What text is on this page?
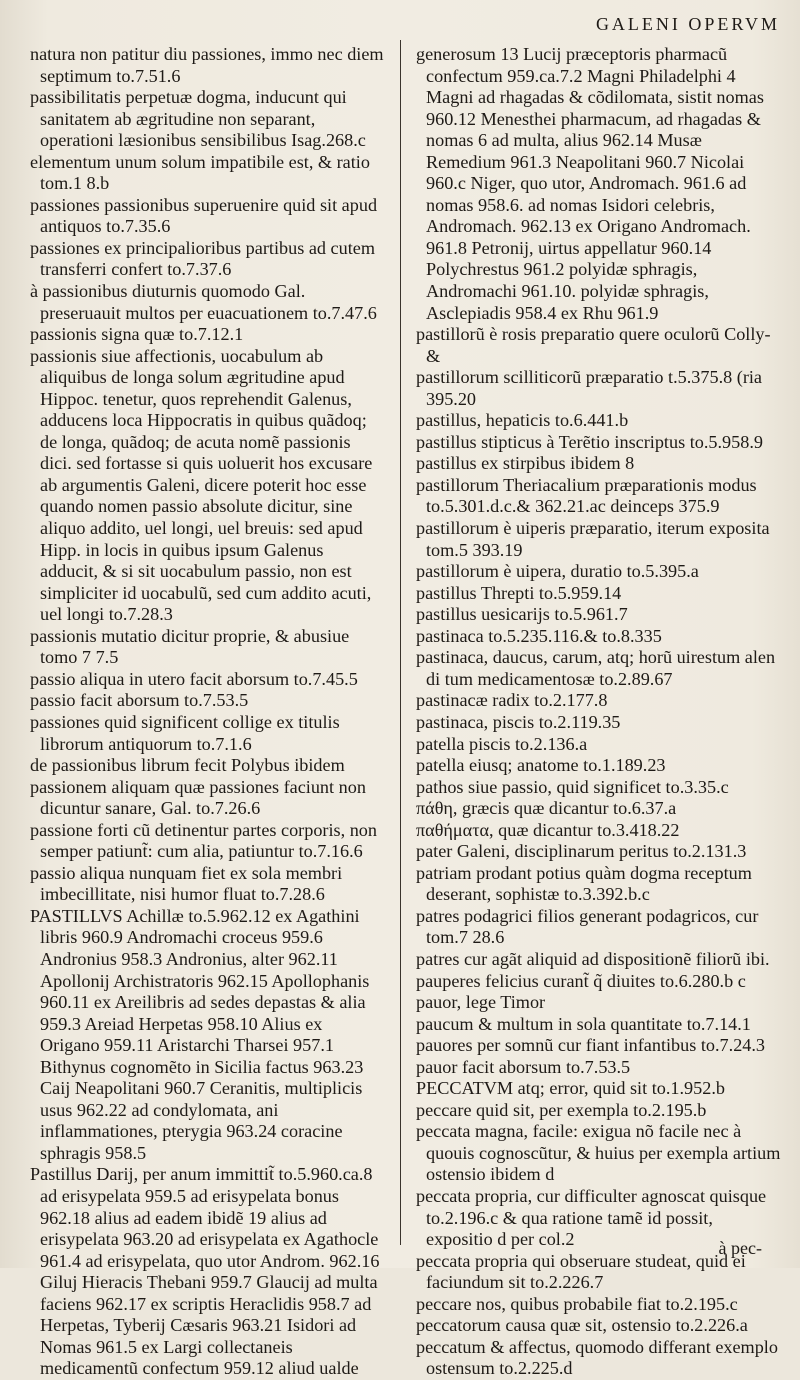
GALENI OPERVM

natura non patitur diu passiones, immo nec diem septimum to.7.51.6

passibilitatis perpetuæ dogma, inducunt qui sanitatem ab ægritudine non separant, operationi læsionibus sensibilibus Isag.268.c

elementum unum solum impatibile est, & ratio tom.1 8.b

passiones passionibus superuenire quid sit apud antiquos to.7.35.6

passiones ex principalioribus partibus ad cutem transferri confert to.7.37.6

à passionibus diuturnis quomodo Gal. preseruauit multos per euacuationem to.7.47.6

passionis signa quæ to.7.12.1

passionis siue affectionis, uocabulum ab aliquibus de longa solum ægritudine apud Hippoc. tenetur, quos reprehendit Galenus, adducens loca Hippocratis in quibus quãdoq; de longa, quãdoq; de acuta nomẽ passionis dici. sed fortasse si quis uoluerit hos excusare ab argumentis Galeni, dicere poterit hoc esse quando nomen passio absolute dicitur, sine aliquo addito, uel longi, uel breuis: sed apud Hipp. in locis in quibus ipsum Galenus adducit, & si sit uocabulum passio, non est simpliciter id uocabulũ, sed cum addito acuti, uel longi to.7.28.3

passionis mutatio dicitur proprie, & abusiue tomo 7 7.5

passio aliqua in utero facit aborsum to.7.45.5

passio facit aborsum to.7.53.5

passiones quid significent collige ex titulis librorum antiquorum to.7.1.6

de passionibus librum fecit Polybus ibidem

passionem aliquam quæ passiones faciunt non dicuntur sanare, Gal. to.7.26.6

passione forti cũ detinentur partes corporis, non semper patiunt̃: cum alia, patiuntur to.7.16.6

passio aliqua nunquam fiet ex sola membri imbecillitate, nisi humor fluat to.7.28.6

PASTILLVS Achillæ to.5.962.12 ex Agathini libris 960.9 Andromachi croceus 959.6 Andronius 958.3 Andronius, alter 962.11 Apollonij Archistratoris 962.15 Apollophanis 960.11 ex Areilibris ad sedes depastas & alia 959.3 Areiad Herpetas 958.10 Alius ex Origano 959.11 Aristarchi Tharsei 957.1 Bithynus cognomẽto in Sicilia factus 963.23 Caij Neapolitani 960.7 Ceranitis, multiplicis usus 962.22 ad condylomata, ani inflammationes, pterygia 963.24 coracine sphragis 958.5

Pastillus Darij, per anum immittit̃ to.5.960.ca.8 ad erisypelata 959.5 ad erisypelata bonus 962.18 alius ad eadem ibidẽ 19 alius ad erisypelata 963.20 ad erisypelata ex Agathocle 961.4 ad erisypelata, quo utor Androm. 962.16 Giluj Hieracis Thebani 959.7 Glaucij ad multa faciens 962.17 ex scriptis Heraclidis 958.7 ad Herpetas, Tyberij Cæsaris 963.21 Isidori ad Nomas 961.5 ex Largi collectaneis medicamentũ confectum 959.12 aliud ualde

generosum 13 Lucij præceptoris pharmacũ confectum 959.ca.7.2 Magni Philadelphi 4 Magni ad rhagadas & cõdilomata, sistit nomas 960.12 Menesthei pharmacum, ad rhagadas & nomas 6 ad multa, alius 962.14 Musæ Remedium 961.3 Neapolitani 960.7 Nicolai 960.c Niger, quo utor, Andromach. 961.6 ad nomas 958.6. ad nomas Isidori celebris, Andromach. 962.13 ex Origano Andromach. 961.8 Petronij, uirtus appellatur 960.14 Polychrestus 961.2 polyidæ sphragis, Andromachi 961.10. polyidæ sphragis, Asclepiadis 958.4 ex Rhu 961.9

pastillorũ è rosis preparatio quere oculorũ Colly- &

pastillorum scilliticorũ præparatio t.5.375.8 (ria 395.20

pastillus, hepaticis to.6.441.b

pastillus stipticus à Terẽtio inscriptus to.5.958.9

pastillus ex stirpibus ibidem 8

pastillorum Theriacalium præparationis modus to.5.301.d.c.& 362.21.ac deinceps 375.9

pastillorum è uiperis præparatio, iterum exposita tom.5 393.19

pastillorum è uipera, duratio to.5.395.a

pastillus Threpti to.5.959.14

pastillus uesicarijs to.5.961.7

pastinaca to.5.235.116.& to.8.335

pastinaca, daucus, carum, atq; horũ uirestum alen di tum medicamentosæ to.2.89.67

pastinacæ radix to.2.177.8

pastinaca, piscis to.2.119.35

patella piscis to.2.136.a

patella eiusq; anatome to.1.189.23

pathos siue passio, quid significet to.3.35.c

πάθη, græcis quæ dicantur to.6.37.a

παθήματα, quæ dicantur to.3.418.22

pater Galeni, disciplinarum peritus to.2.131.3

patriam prodant potius quàm dogma receptum deserant, sophistæ to.3.392.b.c

patres podagrici filios generant podagricos, cur tom.7 28.6

patres cur agãt aliquid ad dispositionẽ filiorũ ibi.

pauperes felicius curant̃ q̃ diuites to.6.280.b c

pauor, lege Timor

paucum & multum in sola quantitate to.7.14.1

pauores per somnũ cur fiant infantibus to.7.24.3

pauor facit aborsum to.7.53.5

PECCATVM atq; error, quid sit to.1.952.b

peccare quid sit, per exempla to.2.195.b

peccata magna, facile: exigua nõ facile nec à quouis cognoscũtur, & huius per exempla artium ostensio ibidem d

peccata propria, cur difficulter agnoscat quisque to.2.196.c & qua ratione tamẽ id possit, expositio d per col.2

peccata propria qui obseruare studeat, quid ei faciundum sit to.2.226.7

peccare nos, quibus probabile fiat to.2.195.c

peccatorum causa quæ sit, ostensio to.2.226.a

peccatum & affectus, quomodo differant exemplo ostensum to.2.225.d

à pec-
